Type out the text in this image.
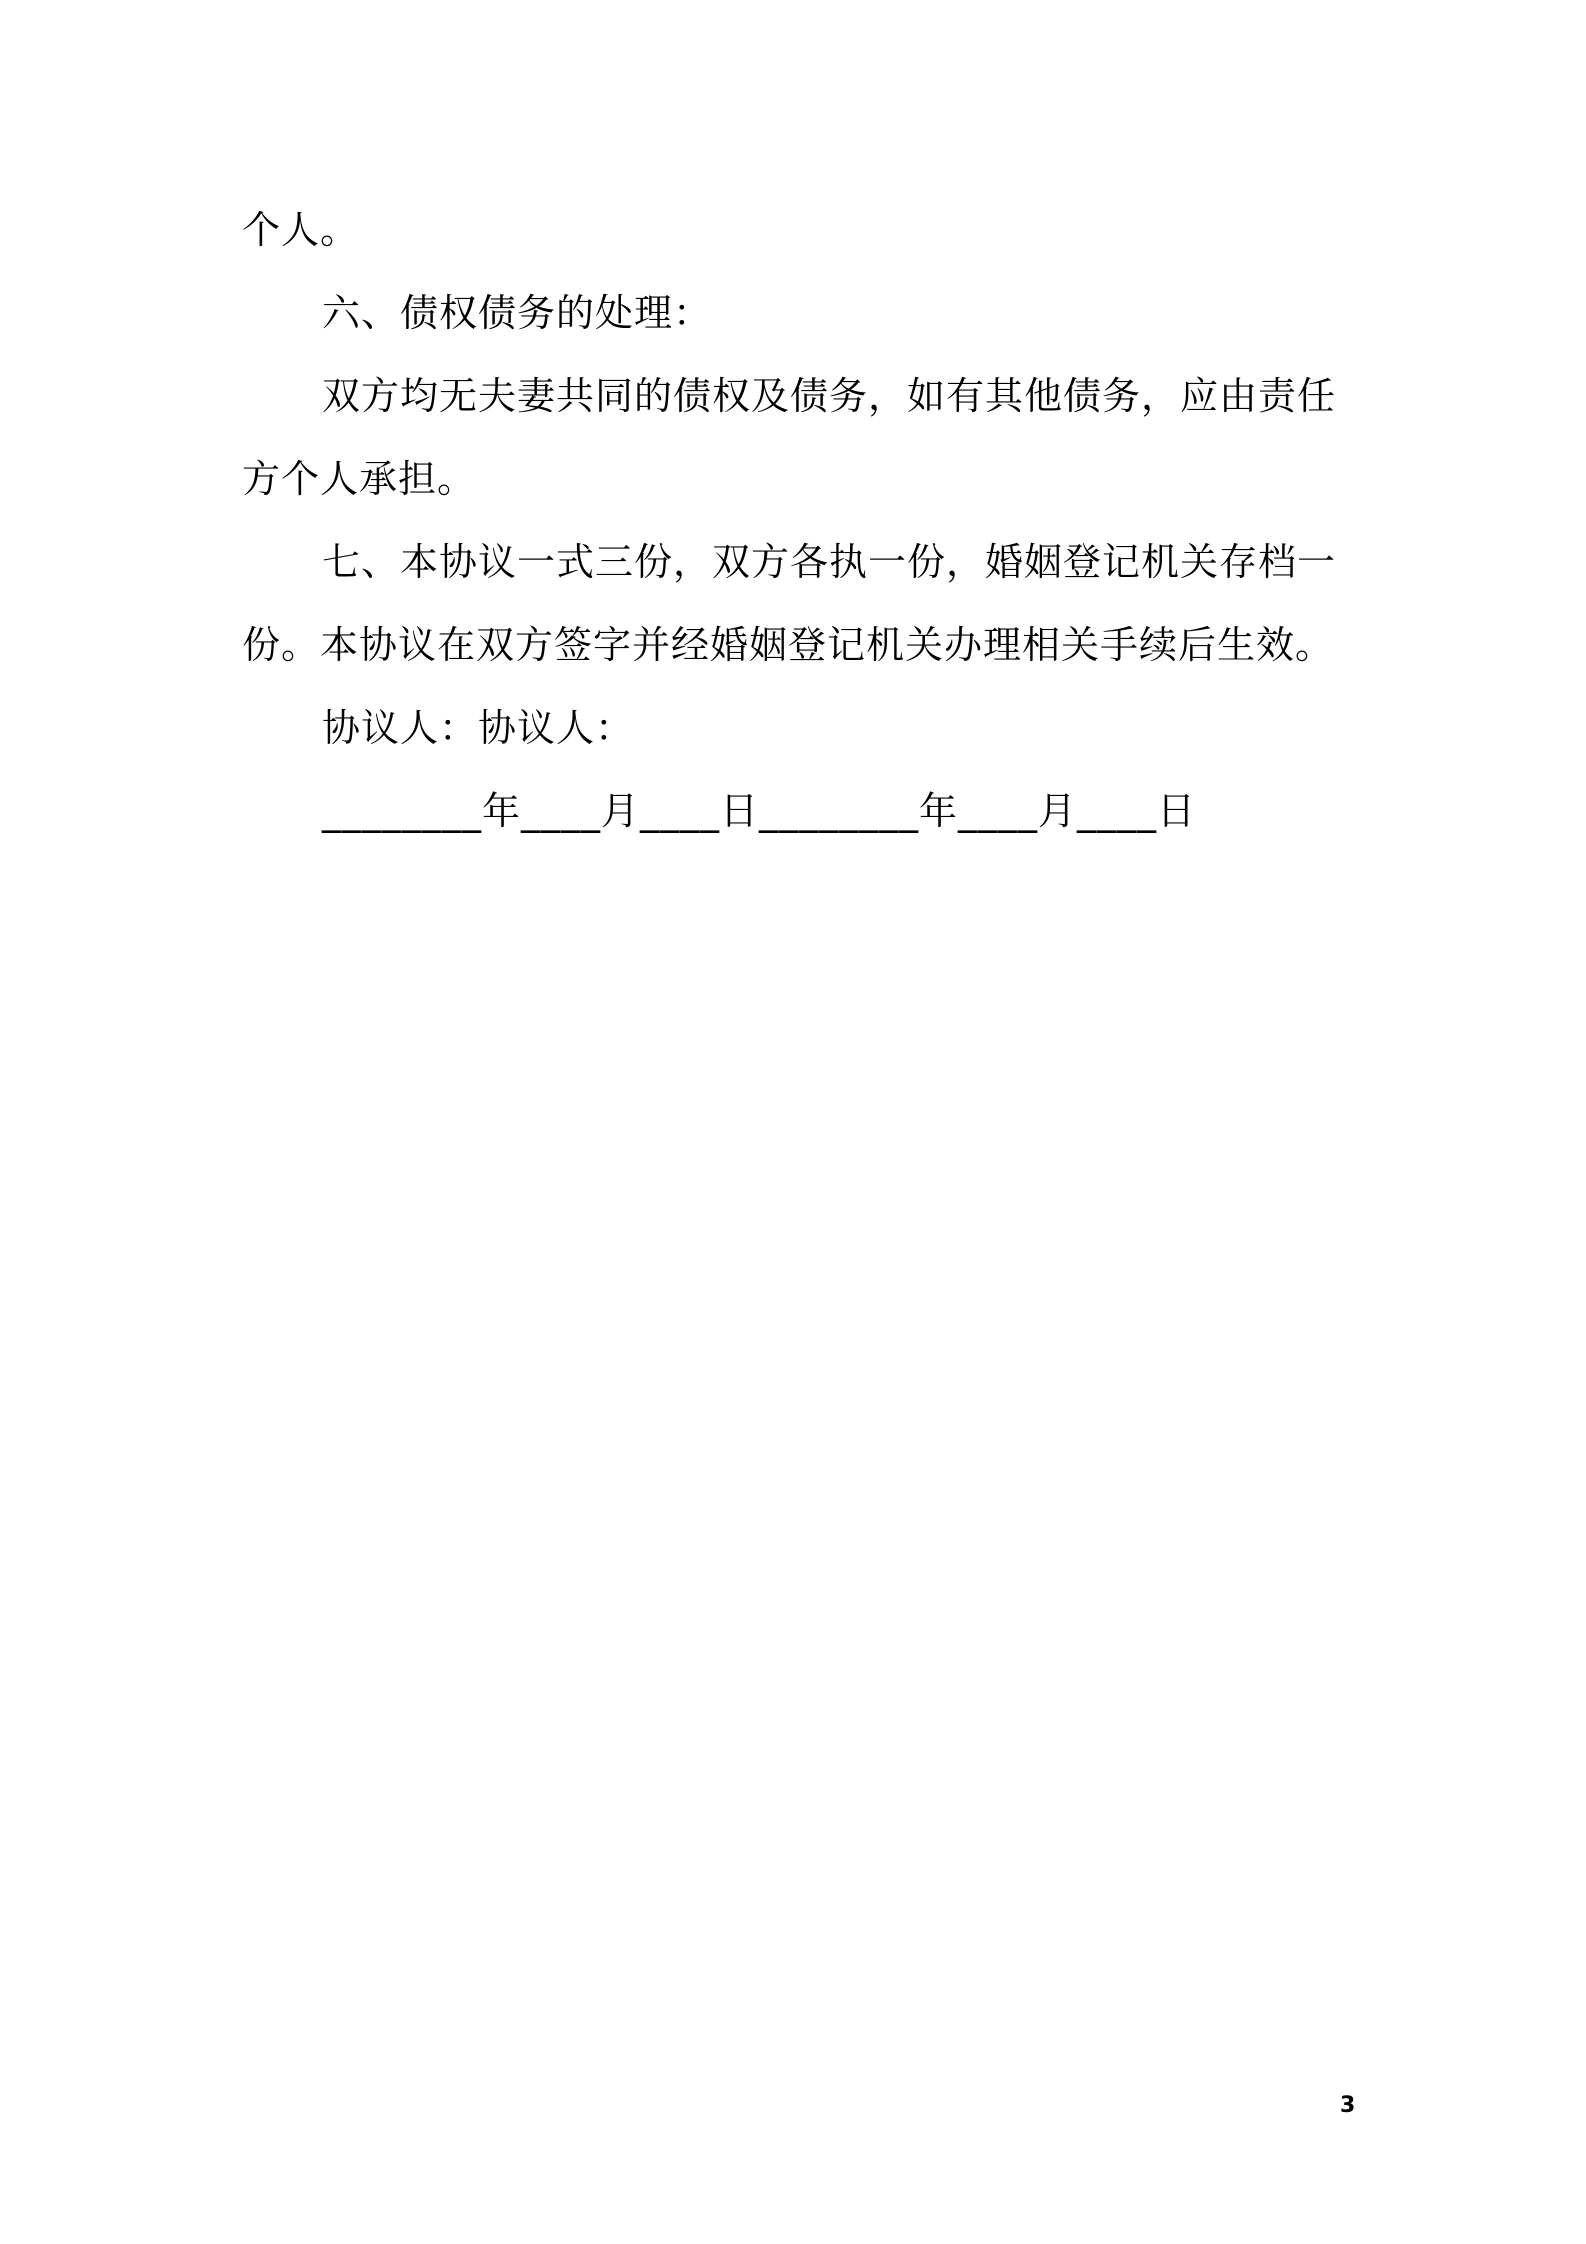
个人。
六、债权债务的处理：
双方均无夫妻共同的债权及债务，如有其他债务，应由责任
方个人承担。
七、本协议一式三份，双方各执一份，婚姻登记机关存档一
份。本协议在双方签字并经婚姻登记机关办理相关手续后生效。
协议人：协议人：
________年____月____日________年____月____日
3
